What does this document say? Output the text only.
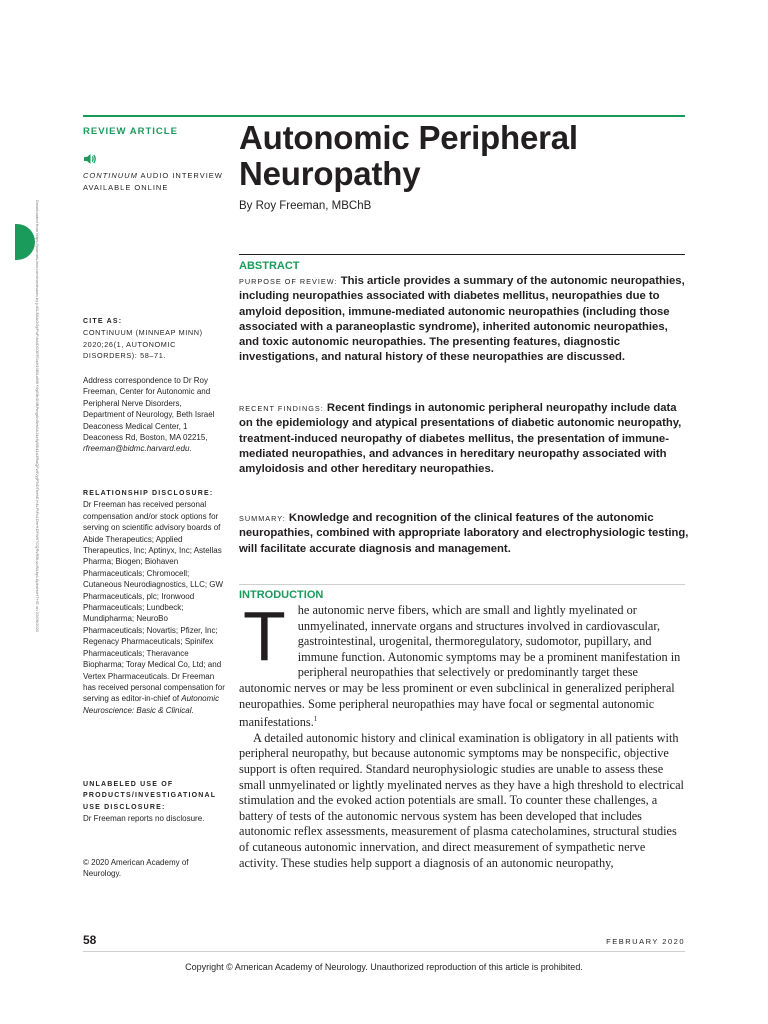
Downloaded from https://journals.lww.com/continuum by juGL3l8AGGpPuP4rAiDO3ER1aH10BlLuB6l+XyE8nD4BPmgAnSbn0AJ4z6y09i41a3RwQFz6VyjP5lDTbehEI+4LPtFu1Dm+tDFW67CQRvRBLvolNLbpLKpbnHxHT+/E on 02/06/2020
REVIEW ARTICLE
CONTINUUM AUDIO INTERVIEW AVAILABLE ONLINE
Autonomic Peripheral Neuropathy
By Roy Freeman, MBChB
ABSTRACT
PURPOSE OF REVIEW: This article provides a summary of the autonomic neuropathies, including neuropathies associated with diabetes mellitus, neuropathies due to amyloid deposition, immune-mediated autonomic neuropathies (including those associated with a paraneoplastic syndrome), inherited autonomic neuropathies, and toxic autonomic neuropathies. The presenting features, diagnostic investigations, and natural history of these neuropathies are discussed.
RECENT FINDINGS: Recent findings in autonomic peripheral neuropathy include data on the epidemiology and atypical presentations of diabetic autonomic neuropathy, treatment-induced neuropathy of diabetes mellitus, the presentation of immune-mediated neuropathies, and advances in hereditary neuropathy associated with amyloidosis and other hereditary neuropathies.
SUMMARY: Knowledge and recognition of the clinical features of the autonomic neuropathies, combined with appropriate laboratory and electrophysiologic testing, will facilitate accurate diagnosis and management.
INTRODUCTION

The autonomic nerve fibers, which are small and lightly myelinated or unmyelinated, innervate organs and structures involved in cardiovascular, gastrointestinal, urogenital, thermoregulatory, sudomotor, pupillary, and immune function. Autonomic symptoms may be a prominent manifestation in peripheral neuropathies that selectively or predominantly target these autonomic nerves or may be less prominent or even subclinical in generalized peripheral neuropathies. Some peripheral neuropathies may have focal or segmental autonomic manifestations.$^1$

A detailed autonomic history and clinical examination is obligatory in all patients with peripheral neuropathy, but because autonomic symptoms may be nonspecific, objective support is often required. Standard neurophysiologic studies are unable to assess these small unmyelinated or lightly myelinated nerves as they have a high threshold to electrical stimulation and the evoked action potentials are small. To counter these challenges, a battery of tests of the autonomic nervous system has been developed that includes autonomic reflex assessments, measurement of plasma catecholamines, structural studies of cutaneous autonomic innervation, and direct measurement of sympathetic nerve activity. These studies help support a diagnosis of an autonomic neuropathy,

CITE AS:
CONTINUUM (MINNEAP MINN) 2020;26(1, AUTONOMIC DISORDERS): 58–71.
Address correspondence to Dr Roy Freeman, Center for Autonomic and Peripheral Nerve Disorders, Department of Neurology, Beth Israel Deaconess Medical Center, 1 Deaconess Rd, Boston, MA 02215, rfreeman@bidmc.harvard.edu.
RELATIONSHIP DISCLOSURE:
Dr Freeman has received personal compensation and/or stock options for serving on scientific advisory boards of Abide Therapeutics; Applied Therapeutics, Inc; Aptinyx, Inc; Astellas Pharma; Biogen; Biohaven Pharmaceuticals; Chromocell; Cutaneous Neurodiagnostics, LLC; GW Pharmaceuticals, plc; Ironwood Pharmaceuticals; Lundbeck; Mundipharma; NeuroBo Pharmaceuticals; Novartis; Pfizer, Inc; Regenacy Pharmaceuticals; Spinifex Pharmaceuticals; Theravance Biopharma; Toray Medical Co, Ltd; and Vertex Pharmaceuticals. Dr Freeman has received personal compensation for serving as editor-in-chief of Autonomic Neuroscience: Basic & Clinical.
UNLABELED USE OF PRODUCTS/INVESTIGATIONAL USE DISCLOSURE:
Dr Freeman reports no disclosure.
© 2020 American Academy of Neurology.
58	FEBRUARY 2020
Copyright © American Academy of Neurology. Unauthorized reproduction of this article is prohibited.
